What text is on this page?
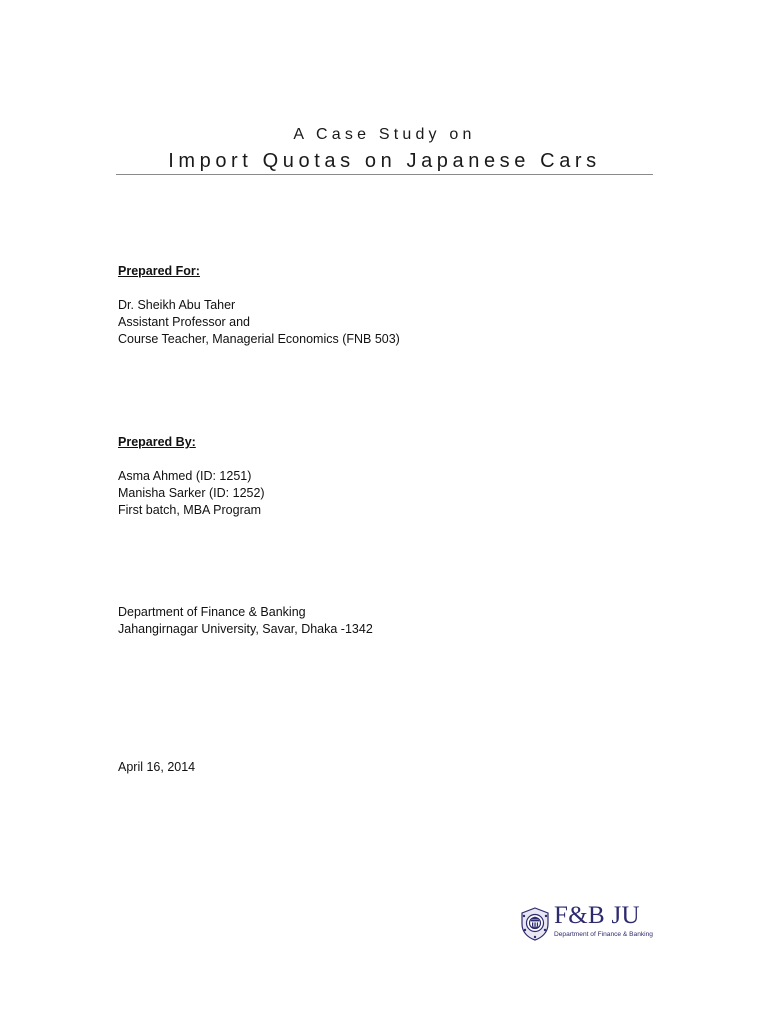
A Case Study on
Import Quotas on Japanese Cars
Prepared For:
Dr. Sheikh Abu Taher
Assistant Professor and
Course Teacher, Managerial Economics (FNB 503)
Prepared By:
Asma Ahmed (ID: 1251)
Manisha Sarker (ID: 1252)
First batch, MBA Program
Department of Finance & Banking
Jahangirnagar University, Savar, Dhaka -1342
April 16, 2014
F&B JU
Department of Finance & Banking
